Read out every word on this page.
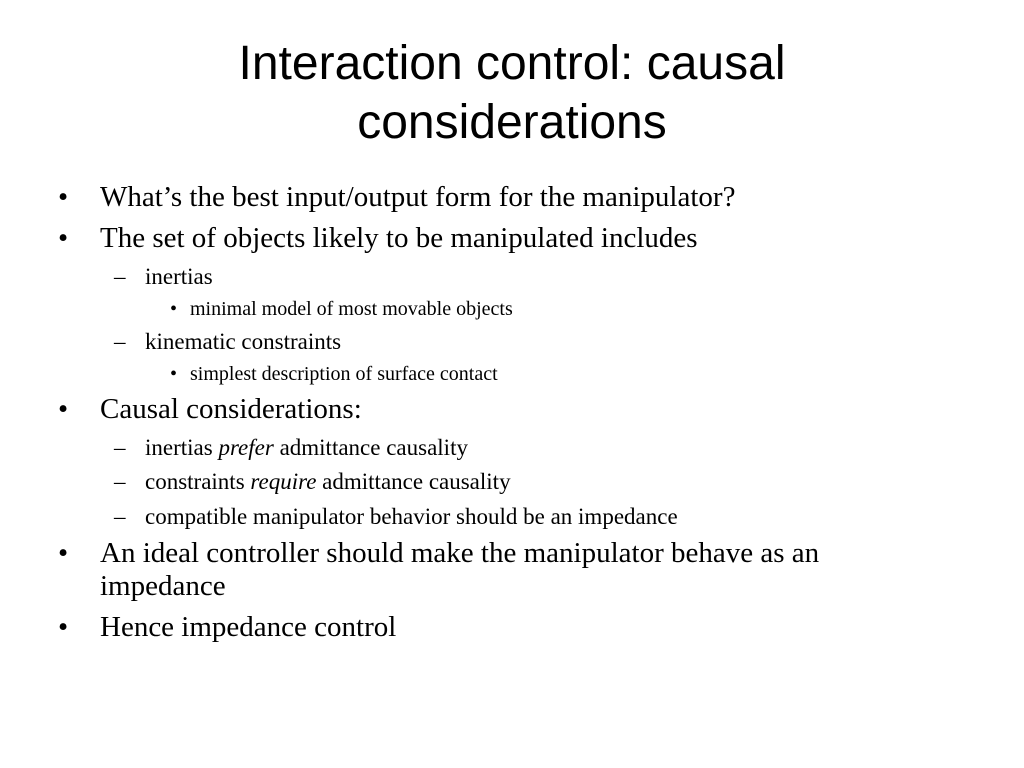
Interaction control: causal
considerations
• What’s the best input/output form for the manipulator?
• The set of objects likely to be manipulated includes
– inertias
• minimal model of most movable objects
– kinematic constraints
• simplest description of surface contact
• Causal considerations:
– inertias prefer admittance causality
– constraints require admittance causality
– compatible manipulator behavior should be an impedance
• An ideal controller should make the manipulator behave as an
impedance
• Hence impedance control
